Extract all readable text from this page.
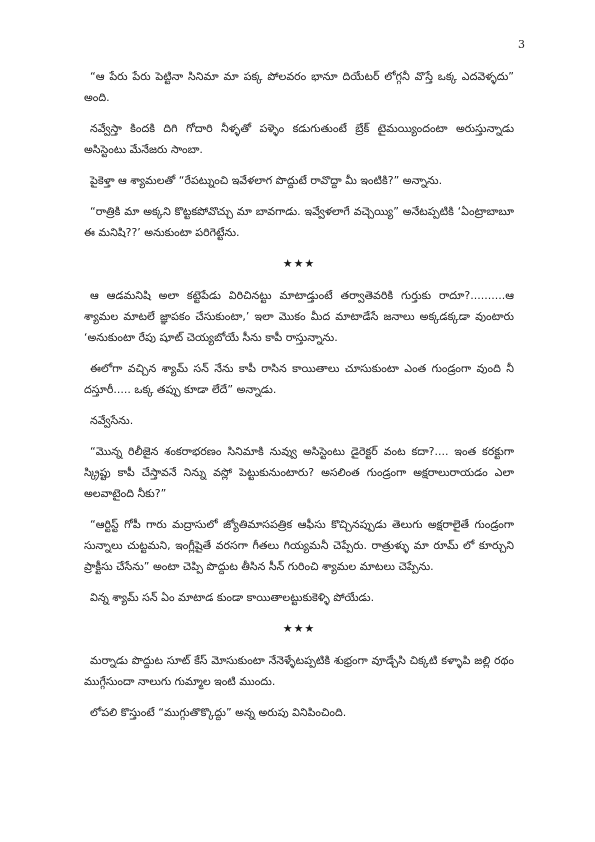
3

“ఆ పేరు పేరు పెట్టినా సినిమా మా పక్క పోలవరం భానూ దియేటర్ లోగ్గనీ వొస్తే ఒక్క ఎదవెళ్ళదు” అంది.

నవ్వేస్తా కిందకి దిగి గోదారి నీళ్ళతో పళ్ళెం కడుగుతుంటే బ్రేక్ టైమయ్యిందంటా అరుస్తున్నాడు అసిస్టెంటు మేనేజరు సాంబా.

పైకెళ్తా ఆ శ్యామలతో “రేపట్నుంచి ఇవేళలాగ పొద్దుటే రావొద్దా మీ ఇంటికి?” అన్నాను.

“రాత్రికి మా అక్కని కొట్టకపోవొచ్చు మా బావగాడు. ఇవ్వేళలాగే వచ్చెయ్యి” అనేటప్పటికి ‘ఏంట్రాబాబూ ఈ మనిషి??’ అనుకుంటా పరిగెట్టేను.

★★★

ఆ ఆడమనిషి అలా కట్టెపేడు విరిచినట్టు మాటాడ్తుంటే తర్వాతెవరికి గుర్తుకు రాదూ?..........ఆ శ్యామల మాటలే జ్ఞాపకం చేసుకుంటా,’ ఇలా మొకం మీద మాటాడేసే జనాలు అక్కడక్కడా వుంటారు ‘అనుకుంటా రేపు షూట్ చెయ్యబోయే సీను కాపీ రాస్తున్నాను.

ఈలోగా వచ్చిన శ్యామ్ సన్ నేను కాపీ రాసిన కాయితాలు చూసుకుంటా ఎంత గుండ్రంగా వుంది నీ దస్తూరీ..... ఒక్క తప్పు కూడా లేదే” అన్నాడు.

నవ్వేసేను.

“మొన్న రిలీజైన శంకరాభరణం సినిమాకి నువ్వు అసిస్టెంటు డైరెక్టర్ వంట కదా?.... ఇంత కరక్టుగా స్క్రిప్టు కాపీ చేస్తావనే నిన్ను వస్లో పెట్టుకునుంటారు? అసలింత గుండ్రంగా అక్షరాలురాయడం ఎలా అలవాటైంది నీకు?”

“ఆర్టిస్ట్ గోపీ గారు మద్రాసులో జ్యోతిమాసపత్రిక ఆఫీసు కొచ్చినప్పుడు తెలుగు అక్షరాలైతే గుండ్రంగా సున్నాలు చుట్టమని, ఇంగ్లీషైతే వరసగా గీతలు గియ్యమనీ చెప్పేరు. రాత్రుళ్ళు మా రూమ్ లో కూర్చుని ప్రాక్టీసు చేసేను” అంటా చెప్పి పొద్దుట తీసిన సీన్ గురించి శ్యామల మాటలు చెప్పేను.

విన్న శ్యామ్ సన్ ఏం మాటాడ కుండా కాయితాలట్టుకుకెళ్ళి పోయేడు.

★★★

మర్నాడు పొద్దుట సూట్ కేస్ మోసుకుంటా నేనెళ్ళేటప్పటికి శుభ్రంగా వూడ్చేసి చిక్కటి కళ్ళాపి జల్లి రథం ముగ్గేసుందా నాలుగు గుమ్మాల ఇంటి ముందు.

లోపలి కొస్తుంటే “ముగ్గుతొక్కొద్దు” అన్న అరుపు వినిపించింది.
